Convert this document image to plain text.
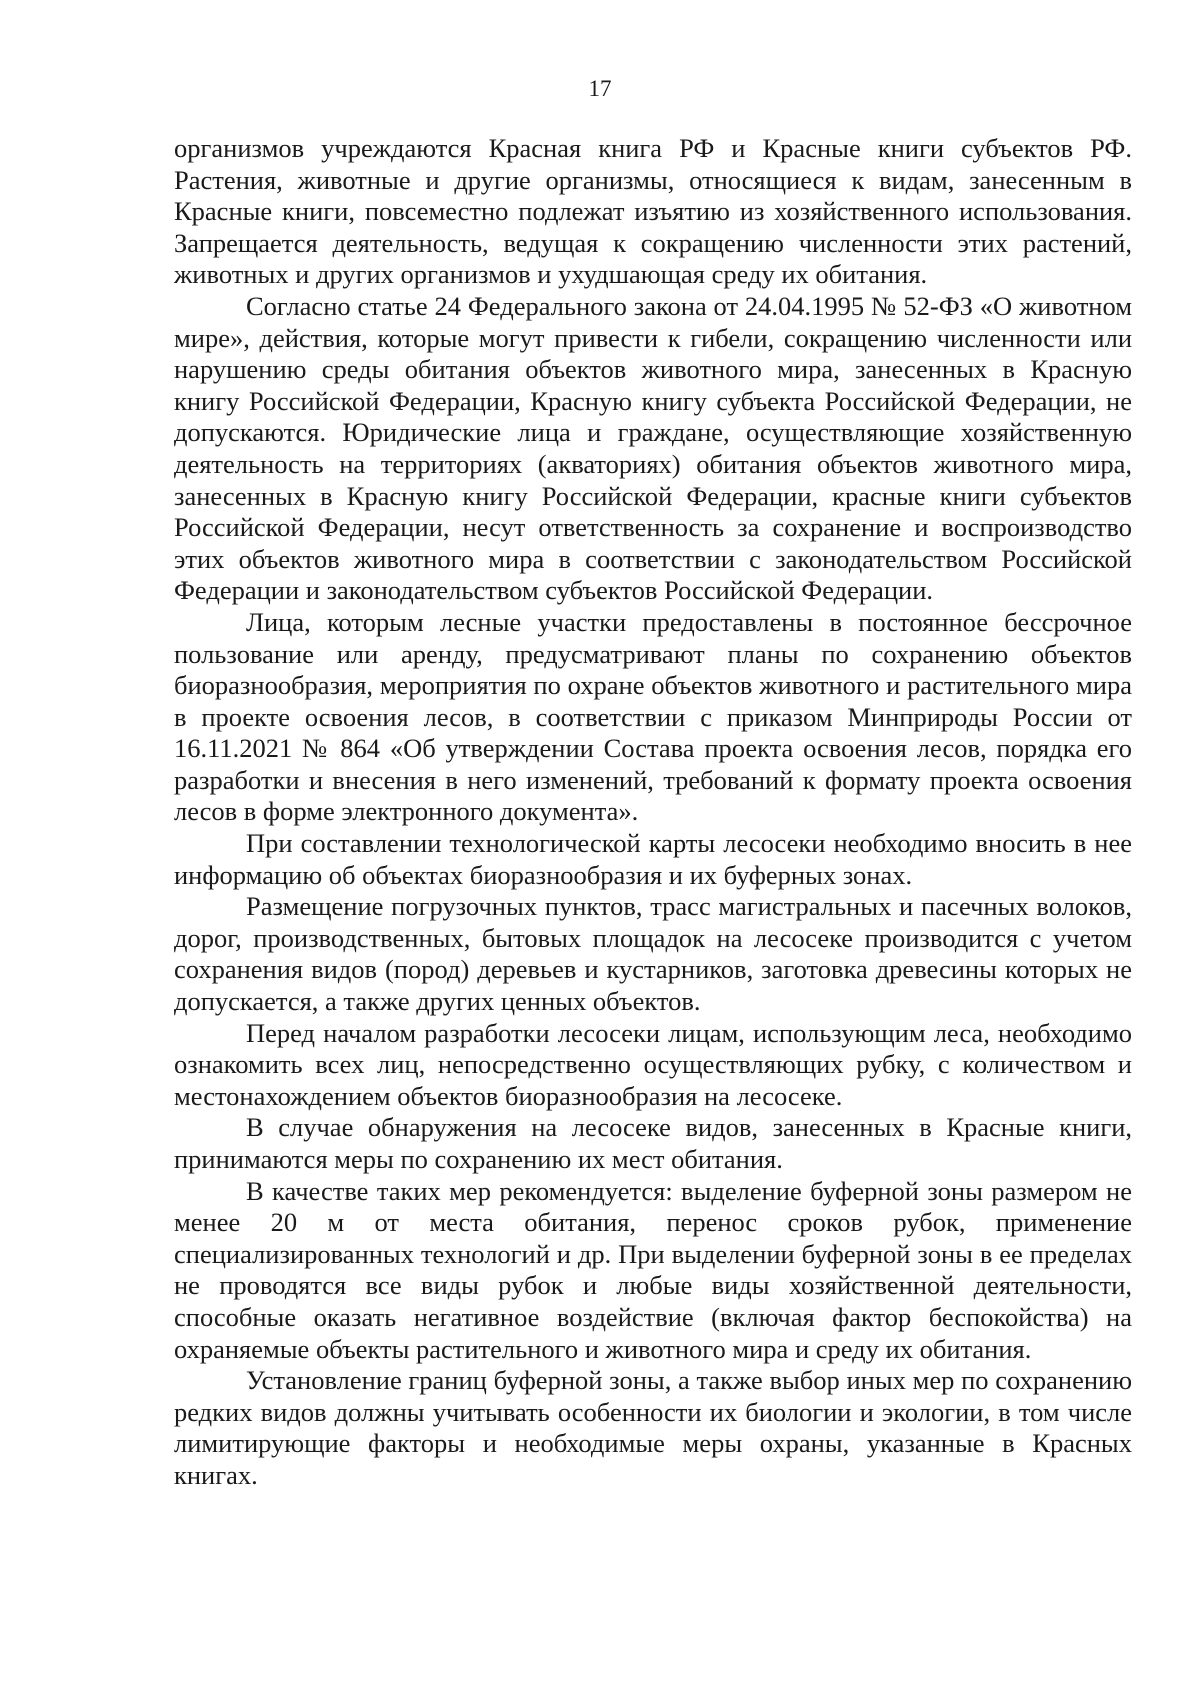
17

организмов учреждаются Красная книга РФ и Красные книги субъектов РФ. Растения, животные и другие организмы, относящиеся к видам, занесенным в Красные книги, повсеместно подлежат изъятию из хозяйственного использования. Запрещается деятельность, ведущая к сокращению численности этих растений, животных и других организмов и ухудшающая среду их обитания.

Согласно статье 24 Федерального закона от 24.04.1995 № 52-ФЗ «О животном мире», действия, которые могут привести к гибели, сокращению численности или нарушению среды обитания объектов животного мира, занесенных в Красную книгу Российской Федерации, Красную книгу субъекта Российской Федерации, не допускаются. Юридические лица и граждане, осуществляющие хозяйственную деятельность на территориях (акваториях) обитания объектов животного мира, занесенных в Красную книгу Российской Федерации, красные книги субъектов Российской Федерации, несут ответственность за сохранение и воспроизводство этих объектов животного мира в соответствии с законодательством Российской Федерации и законодательством субъектов Российской Федерации.

Лица, которым лесные участки предоставлены в постоянное бессрочное пользование или аренду, предусматривают планы по сохранению объектов биоразнообразия, мероприятия по охране объектов животного и растительного мира в проекте освоения лесов, в соответствии с приказом Минприроды России от 16.11.2021 № 864 «Об утверждении Состава проекта освоения лесов, порядка его разработки и внесения в него изменений, требований к формату проекта освоения лесов в форме электронного документа».

При составлении технологической карты лесосеки необходимо вносить в нее информацию об объектах биоразнообразия и их буферных зонах.

Размещение погрузочных пунктов, трасс магистральных и пасечных волоков, дорог, производственных, бытовых площадок на лесосеке производится с учетом сохранения видов (пород) деревьев и кустарников, заготовка древесины которых не допускается, а также других ценных объектов.

Перед началом разработки лесосеки лицам, использующим леса, необходимо ознакомить всех лиц, непосредственно осуществляющих рубку, с количеством и местонахождением объектов биоразнообразия на лесосеке.

В случае обнаружения на лесосеке видов, занесенных в Красные книги, принимаются меры по сохранению их мест обитания.

В качестве таких мер рекомендуется: выделение буферной зоны размером не менее 20 м от места обитания, перенос сроков рубок, применение специализированных технологий и др. При выделении буферной зоны в ее пределах не проводятся все виды рубок и любые виды хозяйственной деятельности, способные оказать негативное воздействие (включая фактор беспокойства) на охраняемые объекты растительного и животного мира и среду их обитания.

Установление границ буферной зоны, а также выбор иных мер по сохранению редких видов должны учитывать особенности их биологии и экологии, в том числе лимитирующие факторы и необходимые меры охраны, указанные в Красных книгах.
